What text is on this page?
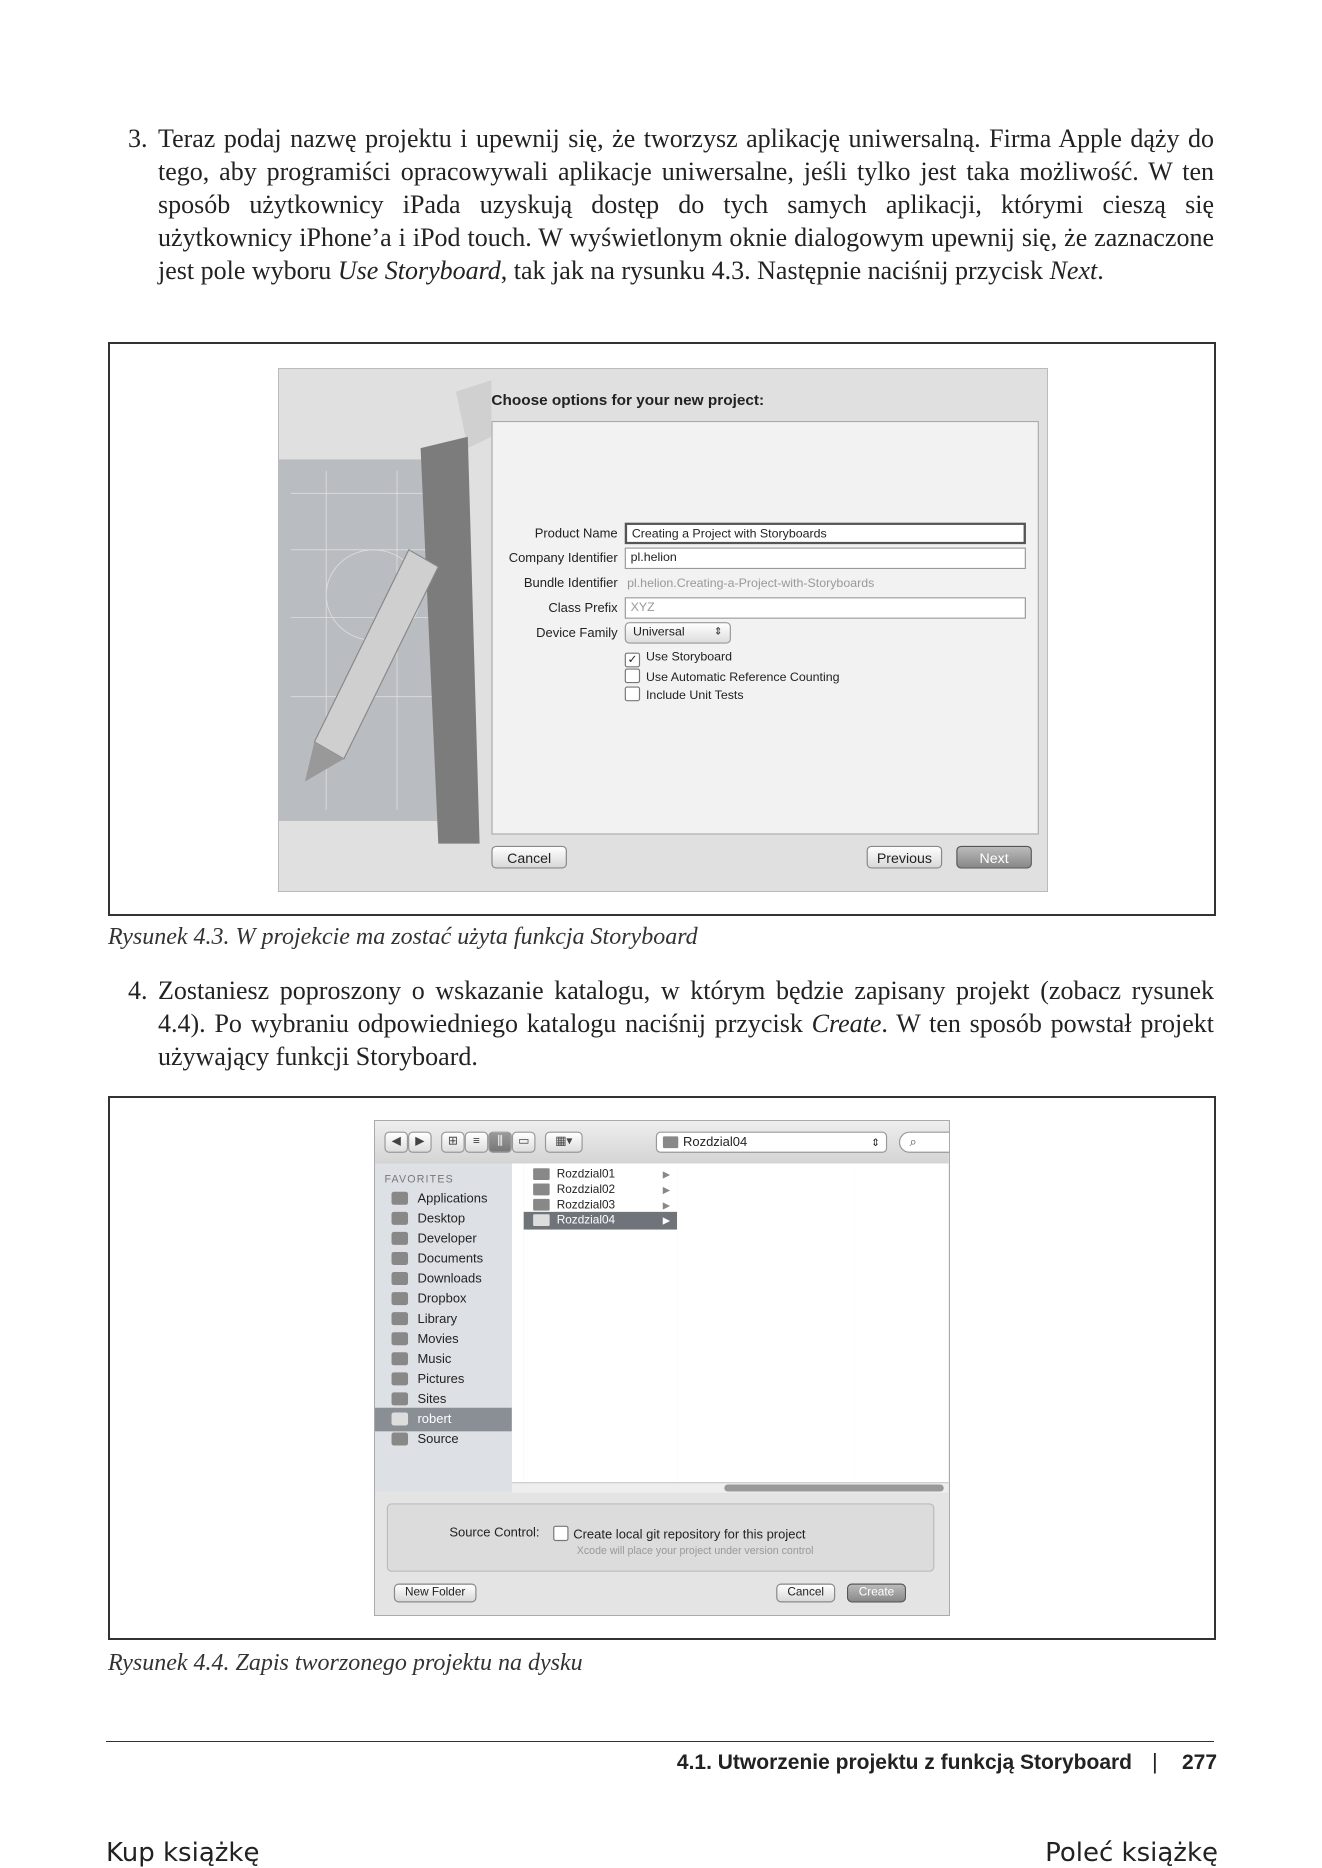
3. Teraz podaj nazwę projektu i upewnij się, że tworzysz aplikację uniwersalną. Firma Apple dąży do tego, aby programiści opracowywali aplikacje uniwersalne, jeśli tylko jest taka możliwość. W ten sposób użytkownicy iPada uzyskują dostęp do tych samych aplikacji, którymi cieszą się użytkownicy iPhone’a i iPod touch. W wyświetlonym oknie dialogowym upewnij się, że zaznaczone jest pole wyboru Use Storyboard, tak jak na rysunku 4.3. Następnie naciśnij przycisk Next.

Choose options for your new project:
Product Name	Creating a Project with Storyboards
Company Identifier	pl.helion
Bundle Identifier pl.helion.Creating-a-Project-with-Storyboards
Class Prefix	XYZ
Device Family	Universal	⇕
✓ Use Storyboard
Use Automatic Reference Counting
Include Unit Tests
Cancel	Previous	Next
Rysunek 4.3. W projekcie ma zostać użyta funkcja Storyboard
4. Zostaniesz poproszony o wskazanie katalogu, w którym będzie zapisany projekt (zobacz rysunek 4.4). Po wybraniu odpowiedniego katalogu naciśnij przycisk Create. W ten sposób powstał projekt używający funkcji Storyboard.

◀	▶	⊞	≡	⫼	▭	▦▾	Rozdzial04	⇕	⌕
FAVORITES
Applications
Desktop
Developer
Documents
Downloads
Dropbox
Library
Movies
Music
Pictures
Sites
robert
Source
Rozdzial01	▶
Rozdzial02	▶
Rozdzial03	▶
Rozdzial04	▶
Source Control:	Create local git repository for this project
Xcode will place your project under version control
New Folder	Cancel	Create
Rysunek 4.4. Zapis tworzonego projektu na dysku
4.1. Utworzenie projektu z funkcją Storyboard | 277
Kup książkę	Poleć książkę
